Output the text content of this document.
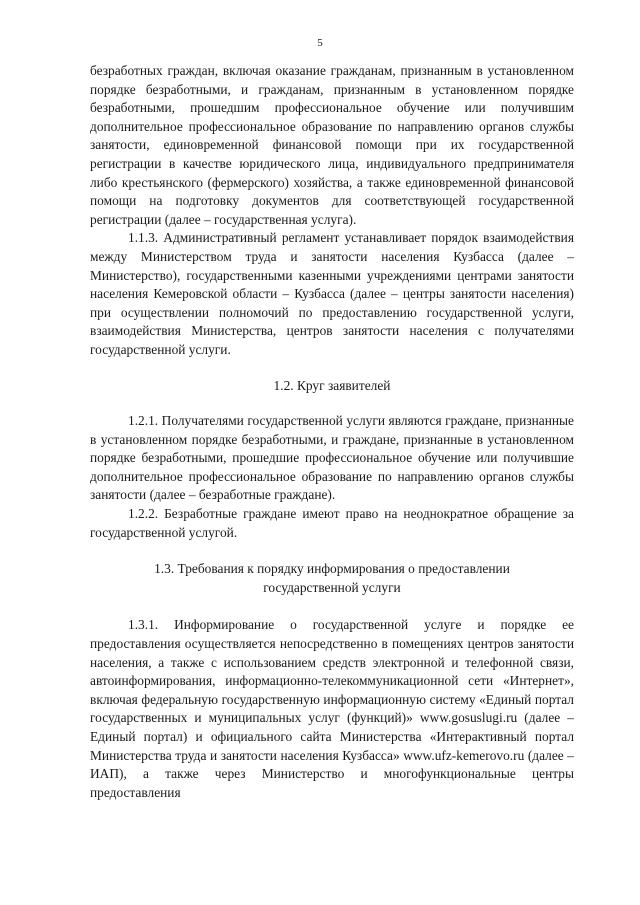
5

безработных граждан, включая оказание гражданам, признанным в установленном порядке безработными, и гражданам, признанным в установленном порядке безработными, прошедшим профессиональное обучение или получившим дополнительное профессиональное образование по направлению органов службы занятости, единовременной финансовой помощи при их государственной регистрации в качестве юридического лица, индивидуального предпринимателя либо крестьянского (фермерского) хозяйства, а также единовременной финансовой помощи на подготовку документов для соответствующей государственной регистрации (далее – государственная услуга).

1.1.3. Административный регламент устанавливает порядок взаимодействия между Министерством труда и занятости населения Кузбасса (далее – Министерство), государственными казенными учреждениями центрами занятости населения Кемеровской области – Кузбасса (далее – центры занятости населения) при осуществлении полномочий по предоставлению государственной услуги, взаимодействия Министерства, центров занятости населения с получателями государственной услуги.

1.2. Круг заявителей

1.2.1. Получателями государственной услуги являются граждане, признанные в установленном порядке безработными, и граждане, признанные в установленном порядке безработными, прошедшие профессиональное обучение или получившие дополнительное профессиональное образование по направлению органов службы занятости (далее – безработные граждане).

1.2.2. Безработные граждане имеют право на неоднократное обращение за государственной услугой.

1.3. Требования к порядку информирования о предоставлении

государственной услуги

1.3.1. Информирование о государственной услуге и порядке ее предоставления осуществляется непосредственно в помещениях центров занятости населения, а также с использованием средств электронной и телефонной связи, автоинформирования, информационно-телекоммуникационной сети «Интернет», включая федеральную государственную информационную систему «Единый портал государственных и муниципальных услуг (функций)» www.gosuslugi.ru (далее – Единый портал) и официального сайта Министерства «Интерактивный портал Министерства труда и занятости населения Кузбасса» www.ufz-kemerovo.ru (далее – ИАП), а также через Министерство и многофункциональные центры предоставления
